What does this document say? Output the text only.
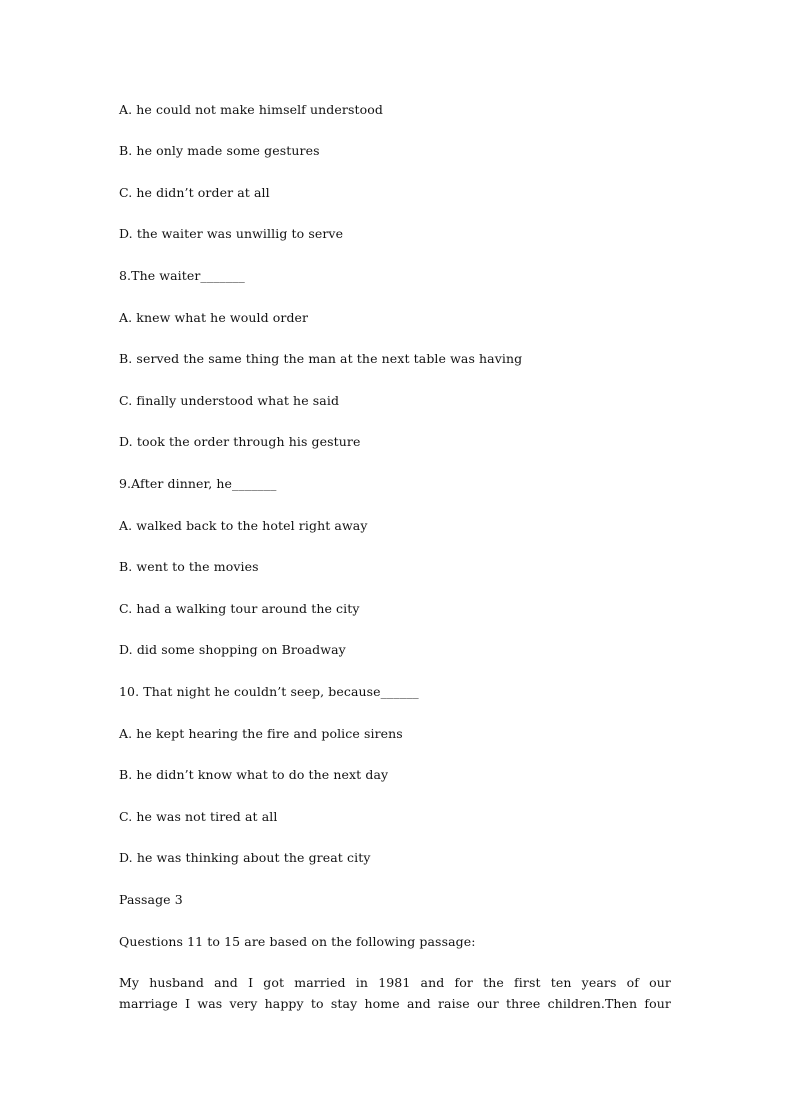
A. he could not make himself understood
B. he only made some gestures
C. he didn’t order at all
D. the waiter was unwillig to serve
8.The waiter_______
A. knew what he would order
B. served the same thing the man at the next table was having
C. finally understood what he said
D. took the order through his gesture
9.After dinner, he_______
A. walked back to the hotel right away
B. went to the movies
C. had a walking tour around the city
D. did some shopping on Broadway
10. That night he couldn’t seep, because______
A. he kept hearing the fire and police sirens
B. he didn’t know what to do the next day
C. he was not tired at all
D. he was thinking about the great city
Passage 3
Questions 11 to 15 are based on the following passage:
My husband and I got married in 1981 and for the first ten years of our
marriage I was very happy to stay home and raise our three children.Then four
